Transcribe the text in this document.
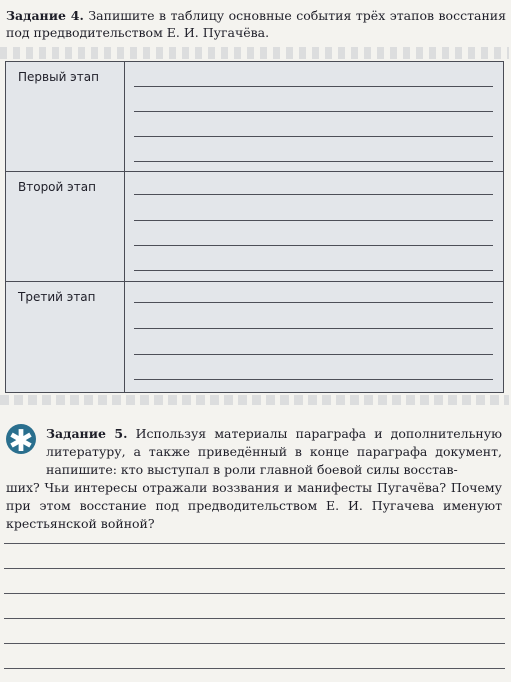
Задание 4. Запишите в таблицу основные события трёх этапов восстания под предводительством Е. И. Пугачёва.
Первый этап
Второй этап
Третий этап
✱ Задание 5. Используя материалы параграфа и дополнительную литературу, а также приведённый в конце параграфа документ, напишите: кто выступал в роли главной боевой силы восстав-
ших? Чьи интересы отражали воззвания и манифесты Пугачёва? Почему при этом восстание под предводительством Е. И. Пугачева именуют крестьянской войной?
